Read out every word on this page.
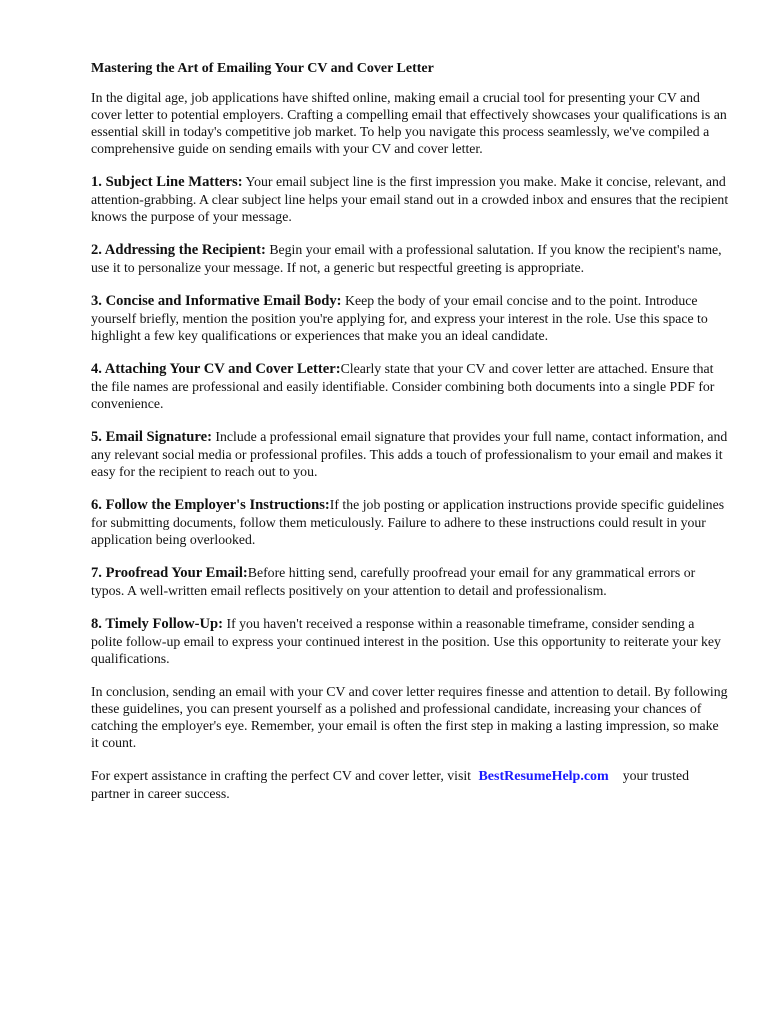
Mastering the Art of Emailing Your CV and Cover Letter

In the digital age, job applications have shifted online, making email a crucial tool for presenting your CV and cover letter to potential employers. Crafting a compelling email that effectively showcases your qualifications is an essential skill in today's competitive job market. To help you navigate this process seamlessly, we've compiled a comprehensive guide on sending emails with your CV and cover letter.

1. Subject Line Matters: Your email subject line is the first impression you make. Make it concise, relevant, and attention-grabbing. A clear subject line helps your email stand out in a crowded inbox and ensures that the recipient knows the purpose of your message.

2. Addressing the Recipient: Begin your email with a professional salutation. If you know the recipient's name, use it to personalize your message. If not, a generic but respectful greeting is appropriate.

3. Concise and Informative Email Body: Keep the body of your email concise and to the point. Introduce yourself briefly, mention the position you're applying for, and express your interest in the role. Use this space to highlight a few key qualifications or experiences that make you an ideal candidate.

4. Attaching Your CV and Cover Letter:Clearly state that your CV and cover letter are attached. Ensure that the file names are professional and easily identifiable. Consider combining both documents into a single PDF for convenience.

5. Email Signature: Include a professional email signature that provides your full name, contact information, and any relevant social media or professional profiles. This adds a touch of professionalism to your email and makes it easy for the recipient to reach out to you.

6. Follow the Employer's Instructions:If the job posting or application instructions provide specific guidelines for submitting documents, follow them meticulously. Failure to adhere to these instructions could result in your application being overlooked.

7. Proofread Your Email:Before hitting send, carefully proofread your email for any grammatical errors or typos. A well-written email reflects positively on your attention to detail and professionalism.

8. Timely Follow-Up: If you haven't received a response within a reasonable timeframe, consider sending a polite follow-up email to express your continued interest in the position. Use this opportunity to reiterate your key qualifications.

In conclusion, sending an email with your CV and cover letter requires finesse and attention to detail. By following these guidelines, you can present yourself as a polished and professional candidate, increasing your chances of catching the employer's eye. Remember, your email is often the first step in making a lasting impression, so make it count.

For expert assistance in crafting the perfect CV and cover letter, visit BestResumeHelp.com your trusted partner in career success.
